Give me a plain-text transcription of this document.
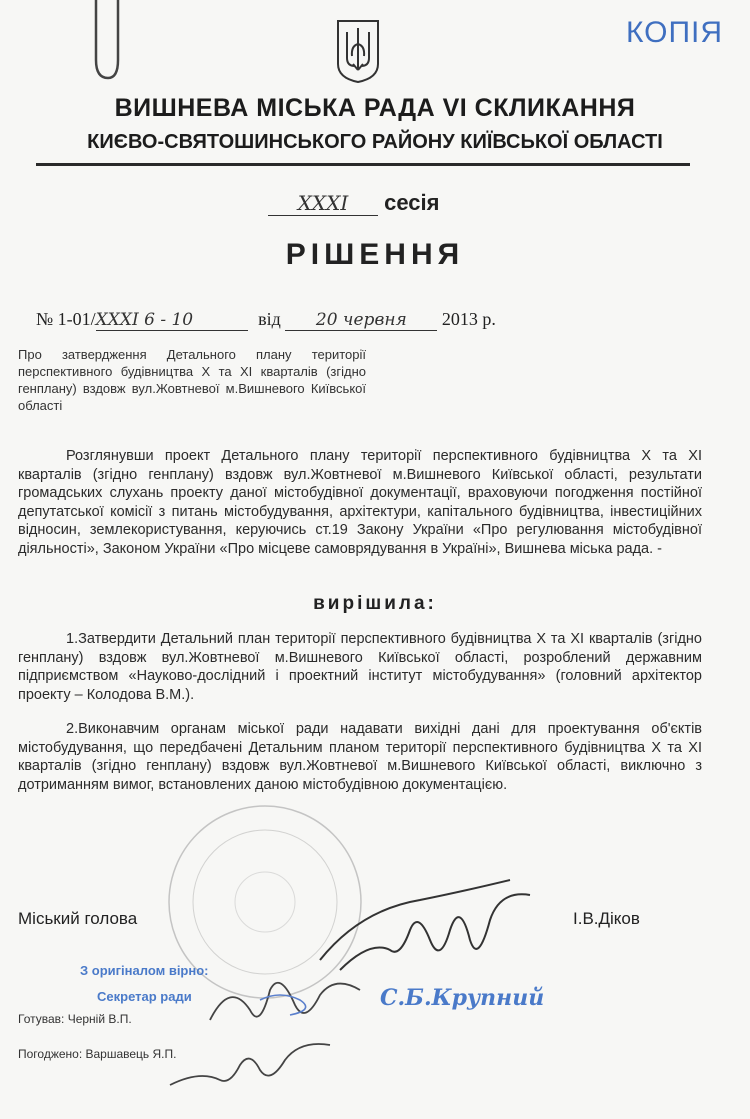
КОПІЯ
ВИШНЕВА МІСЬКА РАДА VI СКЛИКАННЯ
КИЄВО-СВЯТОШИНСЬКОГО РАЙОНУ КИЇВСЬКОЇ ОБЛАСТІ
XXXI сесія
РІШЕННЯ
№ 1-01/XXXI 6 - 10	від 20 червня 2013 р.
Про затвердження Детального плану території перспективного будівництва Х та ХІ кварталів (згідно генплану) вздовж вул.Жовтневої м.Вишневого Київської області
Розглянувши проект Детального плану території перспективного будівництва Х та ХІ кварталів (згідно генплану) вздовж вул.Жовтневої м.Вишневого Київської області, результати громадських слухань проекту даної містобудівної документації, враховуючи погодження постійної депутатської комісії з питань містобудування, архітектури, капітального будівництва, інвестиційних відносин, землекористування, керуючись ст.19 Закону України «Про регулювання містобудівної діяльності», Законом України «Про місцеве самоврядування в Україні», Вишнева міська рада. -
вирішила:
1.Затвердити Детальний план території перспективного будівництва Х та ХІ кварталів (згідно генплану) вздовж вул.Жовтневої м.Вишневого Київської області, розроблений державним підприємством «Науково-дослідний і проектний інститут містобудування» (головний архітектор проекту – Колодова В.М.).
2.Виконавчим органам міської ради надавати вихідні дані для проектування об'єктів містобудування, що передбачені Детальним планом території перспективного будівництва Х та ХІ кварталів (згідно генплану) вздовж вул.Жовтневої м.Вишневого Київської області, виключно з дотриманням вимог, встановлених даною містобудівною документацією.
Міський голова	І.В.Діков
З оригіналом вірно:
Секретар ради	С.Б.Крупний
Готував: Черній В.П.
Погоджено: Варшавець Я.П.
